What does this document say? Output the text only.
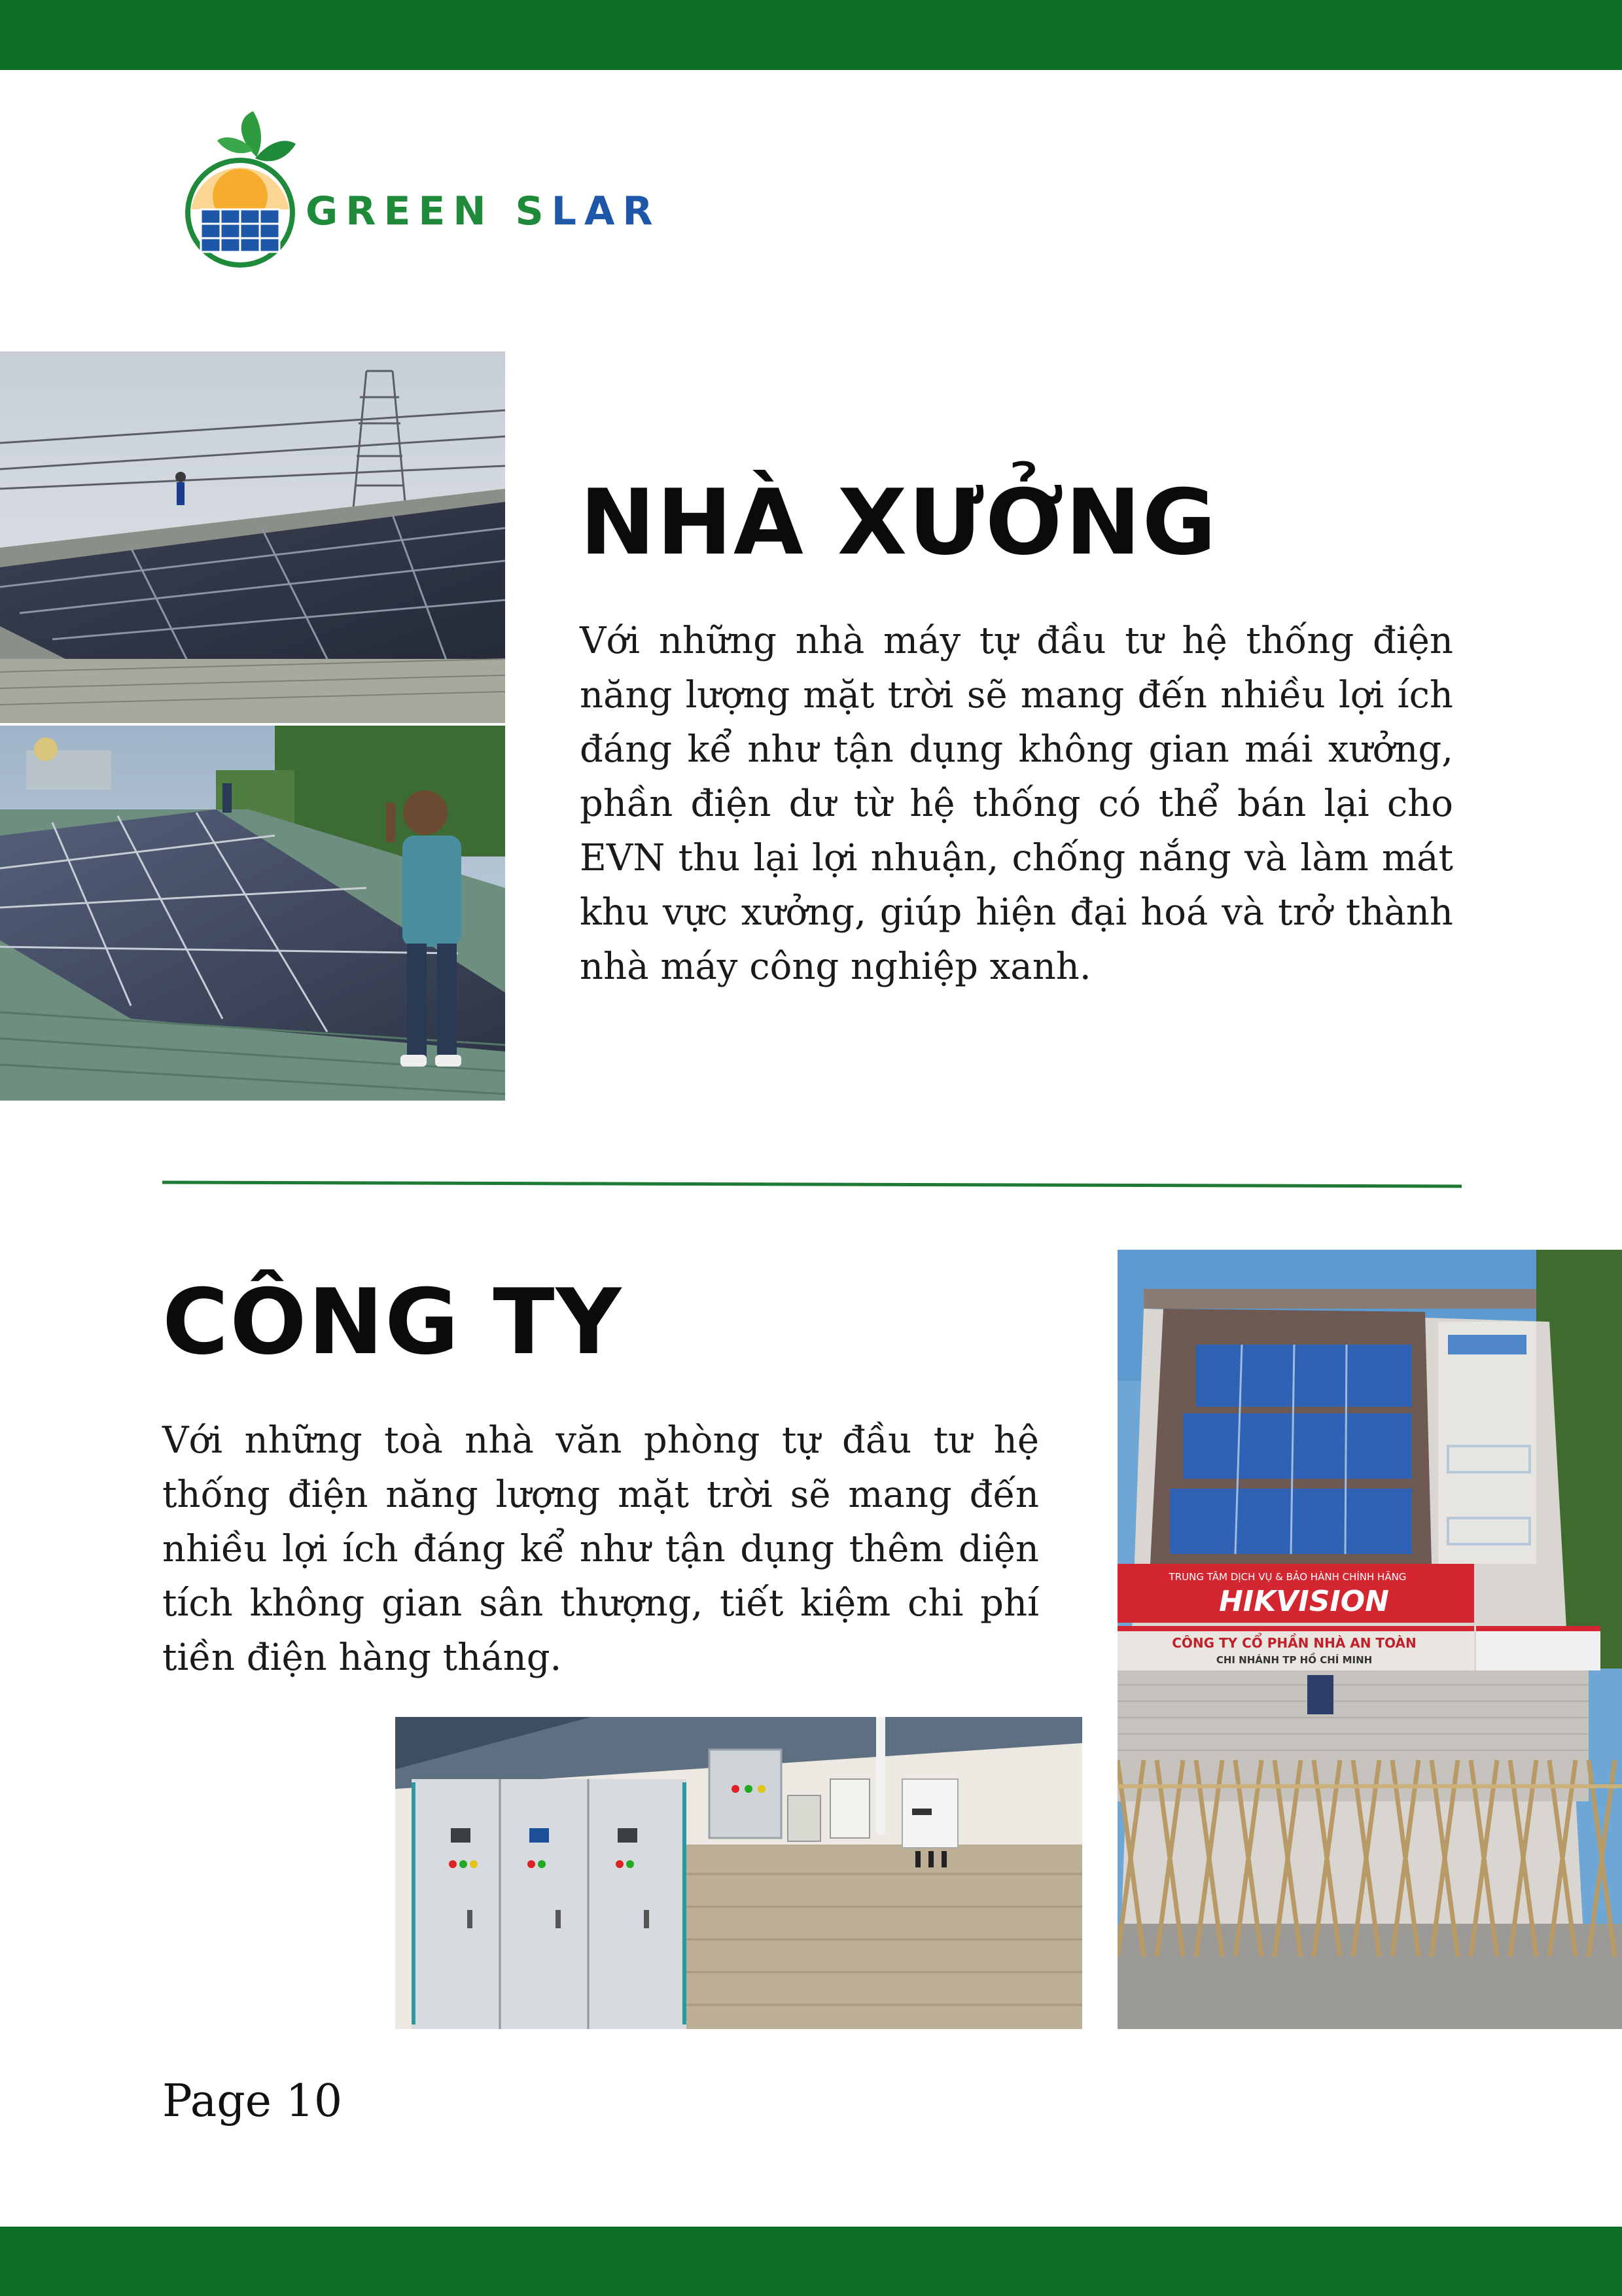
GREEN SLAR
NHÀ XƯỞNG

Với những nhà máy tự đầu tư hệ thống điện năng lượng mặt trời sẽ mang đến nhiều lợi ích đáng kể như tận dụng không gian mái xưởng, phần điện dư từ hệ thống có thể bán lại cho EVN thu lại lợi nhuận, chống nắng và làm mát khu vực xưởng, giúp hiện đại hoá và trở thành nhà máy công nghiệp xanh.

CÔNG TY

Với những toà nhà văn phòng tự đầu tư hệ thống điện năng lượng mặt trời sẽ mang đến nhiều lợi ích đáng kể như tận dụng thêm diện tích không gian sân thượng, tiết kiệm chi phí tiền điện hàng tháng.

TRUNG TÂM DỊCH VỤ & BẢO HÀNH CHÍNH HÃNG
HIKVISION
CÔNG TY CỔ PHẦN NHÀ AN TOÀN
CHI NHÁNH TP HỒ CHÍ MINH
Page 10
